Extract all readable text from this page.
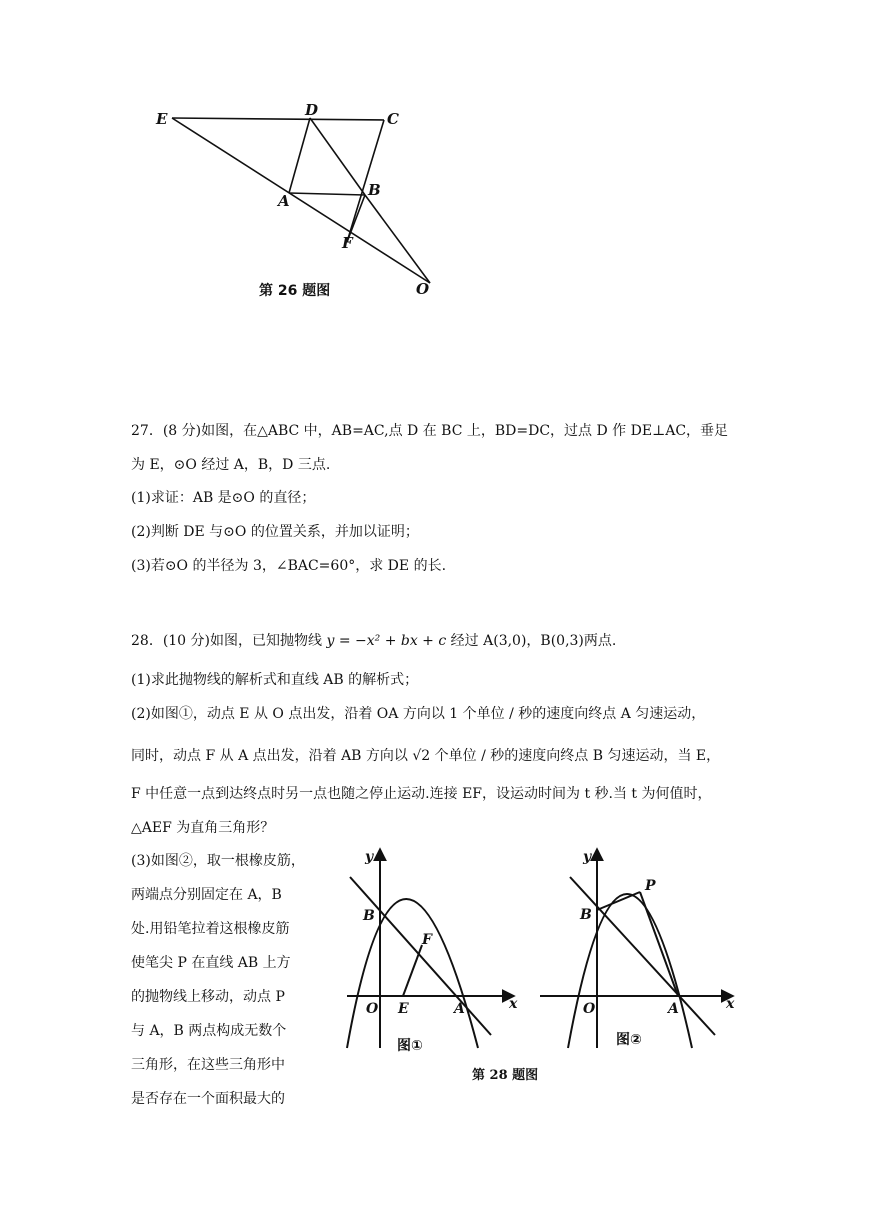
E	D	C
A
B
F
O
第 26 题图
27．(8 分)如图，在△ABC 中，AB=AC,点 D 在 BC 上，BD=DC，过点 D 作 DE⊥AC，垂足
为 E，⊙O 经过 A，B，D 三点.
(1)求证：AB 是⊙O 的直径；
(2)判断 DE 与⊙O 的位置关系，并加以证明；
(3)若⊙O 的半径为 3，∠BAC=60°，求 DE 的长.
28．(10 分)如图，已知抛物线 y = −x² + bx + c 经过 A(3,0)，B(0,3)两点.
(1)求此抛物线的解析式和直线 AB 的解析式；
(2)如图①，动点 E 从 O 点出发，沿着 OA 方向以 1 个单位 / 秒的速度向终点 A 匀速运动，
同时，动点 F 从 A 点出发，沿着 AB 方向以 √2 个单位 / 秒的速度向终点 B 匀速运动，当 E，
F 中任意一点到达终点时另一点也随之停止运动.连接 EF，设运动时间为 t 秒.当 t 为何值时，
△AEF 为直角三角形？
(3)如图②，取一根橡皮筋，
两端点分别固定在 A，B
处.用铅笔拉着这根橡皮筋
使笔尖 P 在直线 AB 上方
的抛物线上移动，动点 P
与 A，B 两点构成无数个
三角形，在这些三角形中
是否存在一个面积最大的
y
x
B
F
O E	A
图①
y
x
B
P
O	A
图②
第 28 题图
